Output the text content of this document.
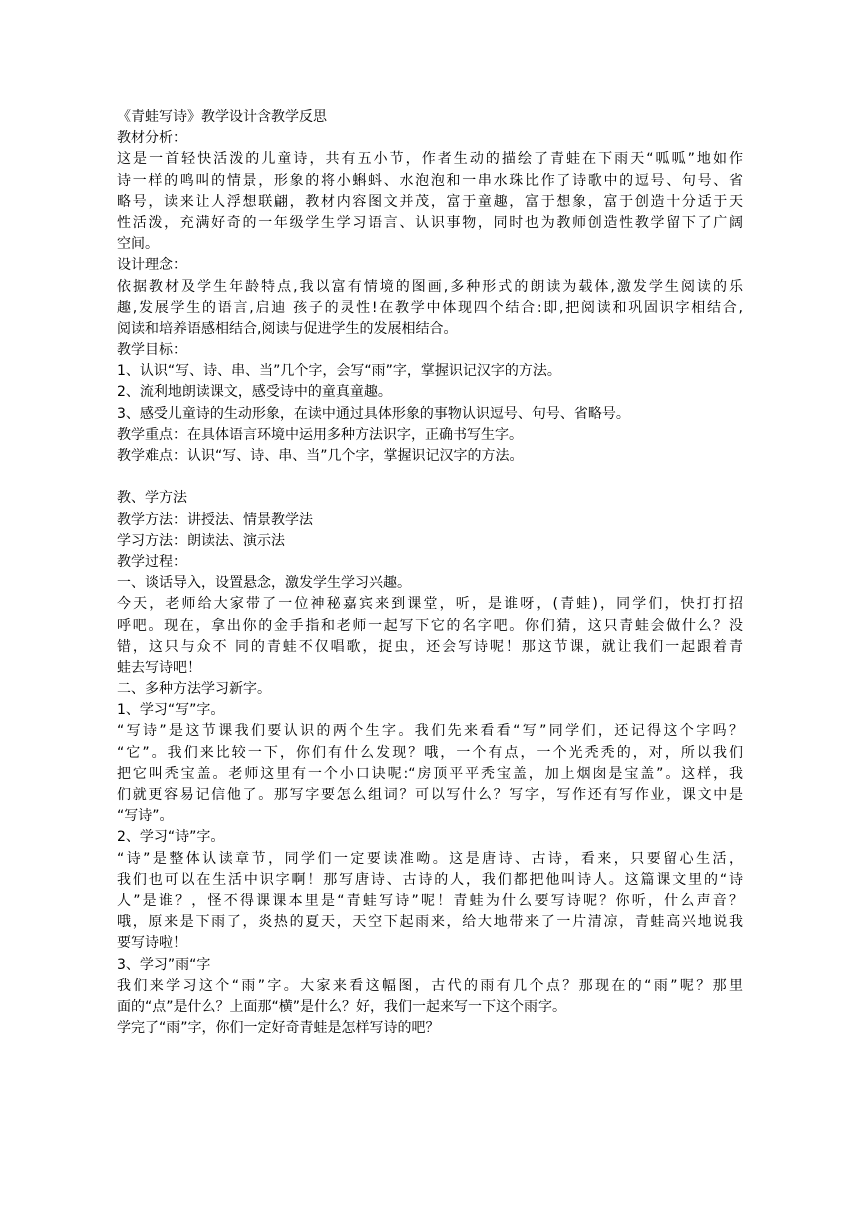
《青蛙写诗》教学设计含教学反思
教材分析：
这是一首轻快活泼的儿童诗，共有五小节，作者生动的描绘了青蛙在下雨天“呱呱”地如作
诗一样的鸣叫的情景，形象的将小蝌蚪、水泡泡和一串水珠比作了诗歌中的逗号、句号、省
略号，读来让人浮想联翩，教材内容图文并茂，富于童趣，富于想象，富于创造十分适于天
性活泼，充满好奇的一年级学生学习语言、认识事物，同时也为教师创造性教学留下了广阔
空间。
设计理念：
依据教材及学生年龄特点,我以富有情境的图画,多种形式的朗读为载体,激发学生阅读的乐
趣,发展学生的语言,启迪 孩子的灵性!在教学中体现四个结合:即,把阅读和巩固识字相结合,
阅读和培养语感相结合,阅读与促进学生的发展相结合。
教学目标：
1、认识“写、诗、串、当”几个字，会写“雨”字，掌握识记汉字的方法。
2、流利地朗读课文，感受诗中的童真童趣。
3、感受儿童诗的生动形象，在读中通过具体形象的事物认识逗号、句号、省略号。
教学重点：在具体语言环境中运用多种方法识字，正确书写生字。
教学难点：认识“写、诗、串、当”几个字，掌握识记汉字的方法。
教、学方法
教学方法：讲授法、情景教学法
学习方法：朗读法、演示法
教学过程：
一、谈话导入，设置悬念，激发学生学习兴趣。
今天，老师给大家带了一位神秘嘉宾来到课堂，听，是谁呀，(青蛙)，同学们，快打打招
呼吧。现在，拿出你的金手指和老师一起写下它的名字吧。你们猜，这只青蛙会做什么？没
错，这只与众不 同的青蛙不仅唱歌，捉虫，还会写诗呢！那这节课，就让我们一起跟着青
蛙去写诗吧！
二、多种方法学习新字。
1、学习“写”字。
“写诗”是这节课我们要认识的两个生字。我们先来看看“写”同学们，还记得这个字吗？
“它”。我们来比较一下，你们有什么发现？哦，一个有点，一个光秃秃的，对，所以我们
把它叫秃宝盖。老师这里有一个小口诀呢:“房顶平平秃宝盖，加上烟囱是宝盖”。这样，我
们就更容易记信他了。那写字要怎么组词？可以写什么？写字，写作还有写作业，课文中是
“写诗”。
2、学习“诗”字。
“诗”是整体认读章节，同学们一定要读准呦。这是唐诗、古诗，看来，只要留心生活，
我们也可以在生活中识字啊！那写唐诗、古诗的人，我们都把他叫诗人。这篇课文里的“诗
人”是谁？，怪不得课课本里是“青蛙写诗”呢！青蛙为什么要写诗呢？你听，什么声音？
哦，原来是下雨了，炎热的夏天，天空下起雨来，给大地带来了一片清凉，青蛙高兴地说我
要写诗啦！
3、学习”雨“字
我们来学习这个“雨”字。大家来看这幅图，古代的雨有几个点？那现在的“雨”呢？那里
面的“点”是什么？上面那“横”是什么？好，我们一起来写一下这个雨字。
学完了“雨”字，你们一定好奇青蛙是怎样写诗的吧？
